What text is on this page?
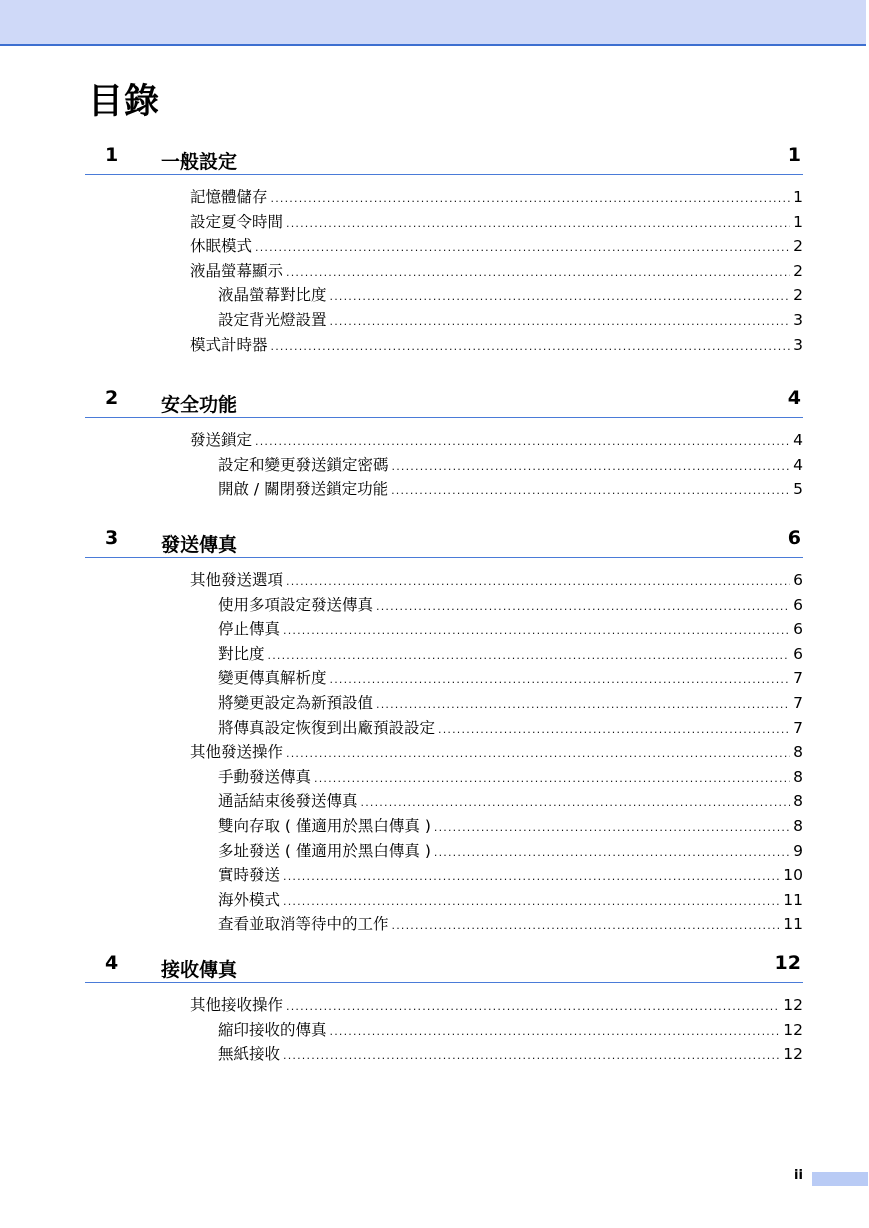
目錄
1 一般設定	1
記憶體儲存 .....	1
設定夏令時間 .....	1
休眠模式 .....	2
液晶螢幕顯示 .....	2
液晶螢幕對比度 .....	2
設定背光燈設置 .....	3
模式計時器 .....	3
2 安全功能	4
發送鎖定 .....	4
設定和變更發送鎖定密碼 .....	4
開啟 / 關閉發送鎖定功能 .....	5
3 發送傳真	6
其他發送選項 .....	6
使用多項設定發送傳真 .....	6
停止傳真 .....	6
對比度 .....	6
變更傳真解析度 .....	7
將變更設定為新預設值 .....	7
將傳真設定恢復到出廠預設設定 .....	7
其他發送操作 .....	8
手動發送傳真 .....	8
通話結束後發送傳真 .....	8
雙向存取 ( 僅適用於黑白傳真 ) .....	8
多址發送 ( 僅適用於黑白傳真 ) .....	9
實時發送 .....	10
海外模式 .....	11
查看並取消等待中的工作 .....	11
4 接收傳真	12
其他接收操作 .....	12
縮印接收的傳真 .....	12
無紙接收 .....	12
ii
